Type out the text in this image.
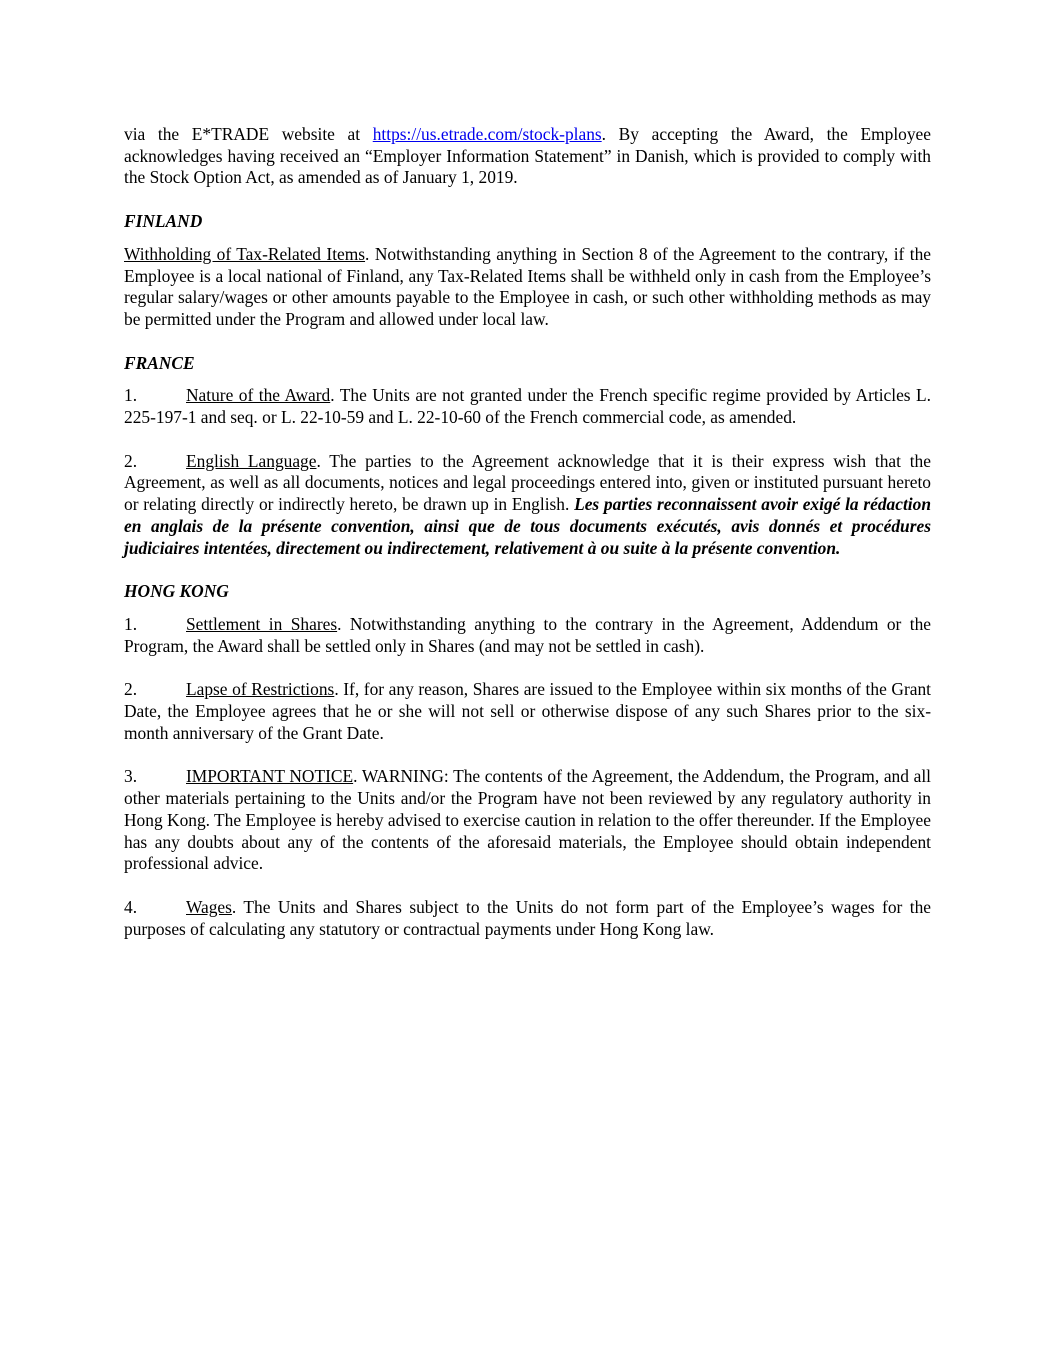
via the E*TRADE website at https://us.etrade.com/stock-plans. By accepting the Award, the Employee acknowledges having received an “Employer Information Statement” in Danish, which is provided to comply with the Stock Option Act, as amended as of January 1, 2019.

FINLAND

Withholding of Tax-Related Items. Notwithstanding anything in Section 8 of the Agreement to the contrary, if the Employee is a local national of Finland, any Tax-Related Items shall be withheld only in cash from the Employee’s regular salary/wages or other amounts payable to the Employee in cash, or such other withholding methods as may be permitted under the Program and allowed under local law.

FRANCE

1.	Nature of the Award. The Units are not granted under the French specific regime provided by Articles L. 225-197-1 and seq. or L. 22-10-59 and L. 22-10-60 of the French commercial code, as amended.

2.	English Language. The parties to the Agreement acknowledge that it is their express wish that the Agreement, as well as all documents, notices and legal proceedings entered into, given or instituted pursuant hereto or relating directly or indirectly hereto, be drawn up in English. Les parties reconnaissent avoir exigé la rédaction en anglais de la présente convention, ainsi que de tous documents exécutés, avis donnés et procédures judiciaires intentées, directement ou indirectement, relativement à ou suite à la présente convention.

HONG KONG

1.	Settlement in Shares. Notwithstanding anything to the contrary in the Agreement, Addendum or the Program, the Award shall be settled only in Shares (and may not be settled in cash).

2.	Lapse of Restrictions. If, for any reason, Shares are issued to the Employee within six months of the Grant Date, the Employee agrees that he or she will not sell or otherwise dispose of any such Shares prior to the six-month anniversary of the Grant Date.

3.	IMPORTANT NOTICE. WARNING: The contents of the Agreement, the Addendum, the Program, and all other materials pertaining to the Units and/or the Program have not been reviewed by any regulatory authority in Hong Kong. The Employee is hereby advised to exercise caution in relation to the offer thereunder. If the Employee has any doubts about any of the contents of the aforesaid materials, the Employee should obtain independent professional advice.

4.	Wages. The Units and Shares subject to the Units do not form part of the Employee’s wages for the purposes of calculating any statutory or contractual payments under Hong Kong law.
